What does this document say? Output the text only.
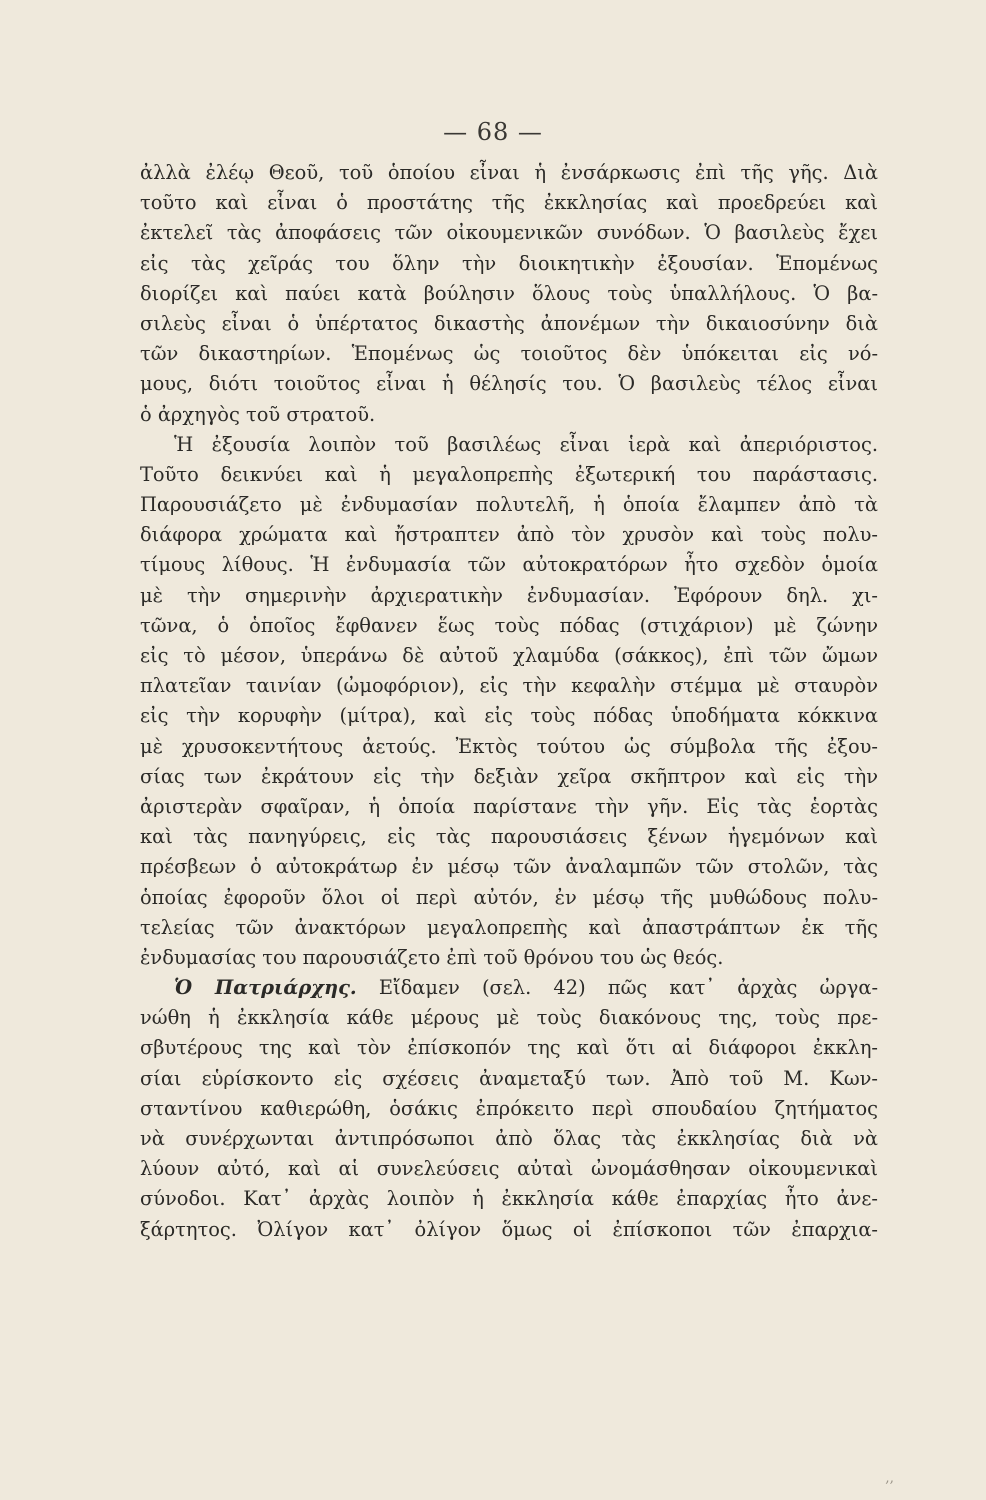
— 68 —
ἀλλὰ ἐλέῳ Θεοῦ, τοῦ ὁποίου εἶναι ἡ ἐνσάρκωσις ἐπὶ τῆς γῆς. Διὰ
τοῦτο καὶ εἶναι ὁ προστάτης τῆς ἐκκλησίας καὶ προεδρεύει καὶ
ἐκτελεῖ τὰς ἀποφάσεις τῶν οἰκουμενικῶν συνόδων. Ὁ βασιλεὺς ἔχει
εἰς τὰς χεῖράς του ὅλην τὴν διοικητικὴν ἐξουσίαν. Ἑπομένως
διορίζει καὶ παύει κατὰ βούλησιν ὅλους τοὺς ὑπαλλήλους. Ὁ βα-
σιλεὺς εἶναι ὁ ὑπέρτατος δικαστὴς ἀπονέμων τὴν δικαιοσύνην διὰ
τῶν δικαστηρίων. Ἑπομένως ὡς τοιοῦτος δὲν ὑπόκειται εἰς νό-
μους, διότι τοιοῦτος εἶναι ἡ θέλησίς του. Ὁ βασιλεὺς τέλος εἶναι
ὁ ἀρχηγὸς τοῦ στρατοῦ.
Ἡ ἐξουσία λοιπὸν τοῦ βασιλέως εἶναι ἱερὰ καὶ ἀπεριόριστος.
Τοῦτο δεικνύει καὶ ἡ μεγαλοπρεπὴς ἐξωτερική του παράστασις.
Παρουσιάζετο μὲ ἐνδυμασίαν πολυτελῆ, ἡ ὁποία ἔλαμπεν ἀπὸ τὰ
διάφορα χρώματα καὶ ἤστραπτεν ἀπὸ τὸν χρυσὸν καὶ τοὺς πολυ-
τίμους λίθους. Ἡ ἐνδυμασία τῶν αὐτοκρατόρων ἦτο σχεδὸν ὁμοία
μὲ τὴν σημερινὴν ἀρχιερατικὴν ἐνδυμασίαν. Ἐφόρουν δηλ. χι-
τῶνα, ὁ ὁποῖος ἔφθανεν ἕως τοὺς πόδας (στιχάριον) μὲ ζώνην
εἰς τὸ μέσον, ὑπεράνω δὲ αὐτοῦ χλαμύδα (σάκκος), ἐπὶ τῶν ὤμων
πλατεῖαν ταινίαν (ὠμοφόριον), εἰς τὴν κεφαλὴν στέμμα μὲ σταυρὸν
εἰς τὴν κορυφὴν (μίτρα), καὶ εἰς τοὺς πόδας ὑποδήματα κόκκινα
μὲ χρυσοκεντήτους ἀετούς. Ἐκτὸς τούτου ὡς σύμβολα τῆς ἐξου-
σίας των ἐκράτουν εἰς τὴν δεξιὰν χεῖρα σκῆπτρον καὶ εἰς τὴν
ἀριστερὰν σφαῖραν, ἡ ὁποία παρίστανε τὴν γῆν. Εἰς τὰς ἑορτὰς
καὶ τὰς πανηγύρεις, εἰς τὰς παρουσιάσεις ξένων ἡγεμόνων καὶ
πρέσβεων ὁ αὐτοκράτωρ ἐν μέσῳ τῶν ἀναλαμπῶν τῶν στολῶν, τὰς
ὁποίας ἐφοροῦν ὅλοι οἱ περὶ αὐτόν, ἐν μέσῳ τῆς μυθώδους πολυ-
τελείας τῶν ἀνακτόρων μεγαλοπρεπὴς καὶ ἀπαστράπτων ἐκ τῆς
ἐνδυμασίας του παρουσιάζετο ἐπὶ τοῦ θρόνου του ὡς θεός.
Ὁ Πατριάρχης. Εἴδαμεν (σελ. 42) πῶς κατ᾽ ἀρχὰς ὠργα-
νώθη ἡ ἐκκλησία κάθε μέρους μὲ τοὺς διακόνους της, τοὺς πρε-
σβυτέρους της καὶ τὸν ἐπίσκοπόν της καὶ ὅτι αἱ διάφοροι ἐκκλη-
σίαι εὑρίσκοντο εἰς σχέσεις ἀναμεταξύ των. Ἀπὸ τοῦ Μ. Κων-
σταντίνου καθιερώθη, ὁσάκις ἐπρόκειτο περὶ σπουδαίου ζητήματος
νὰ συνέρχωνται ἀντιπρόσωποι ἀπὸ ὅλας τὰς ἐκκλησίας διὰ νὰ
λύουν αὐτό, καὶ αἱ συνελεύσεις αὐταὶ ὠνομάσθησαν οἰκουμενικαὶ
σύνοδοι. Κατ᾽ ἀρχὰς λοιπὸν ἡ ἐκκλησία κάθε ἐπαρχίας ἦτο ἀνε-
ξάρτητος. Ὀλίγον κατ᾽ ὀλίγον ὅμως οἱ ἐπίσκοποι τῶν ἐπαρχια-
‚‚
